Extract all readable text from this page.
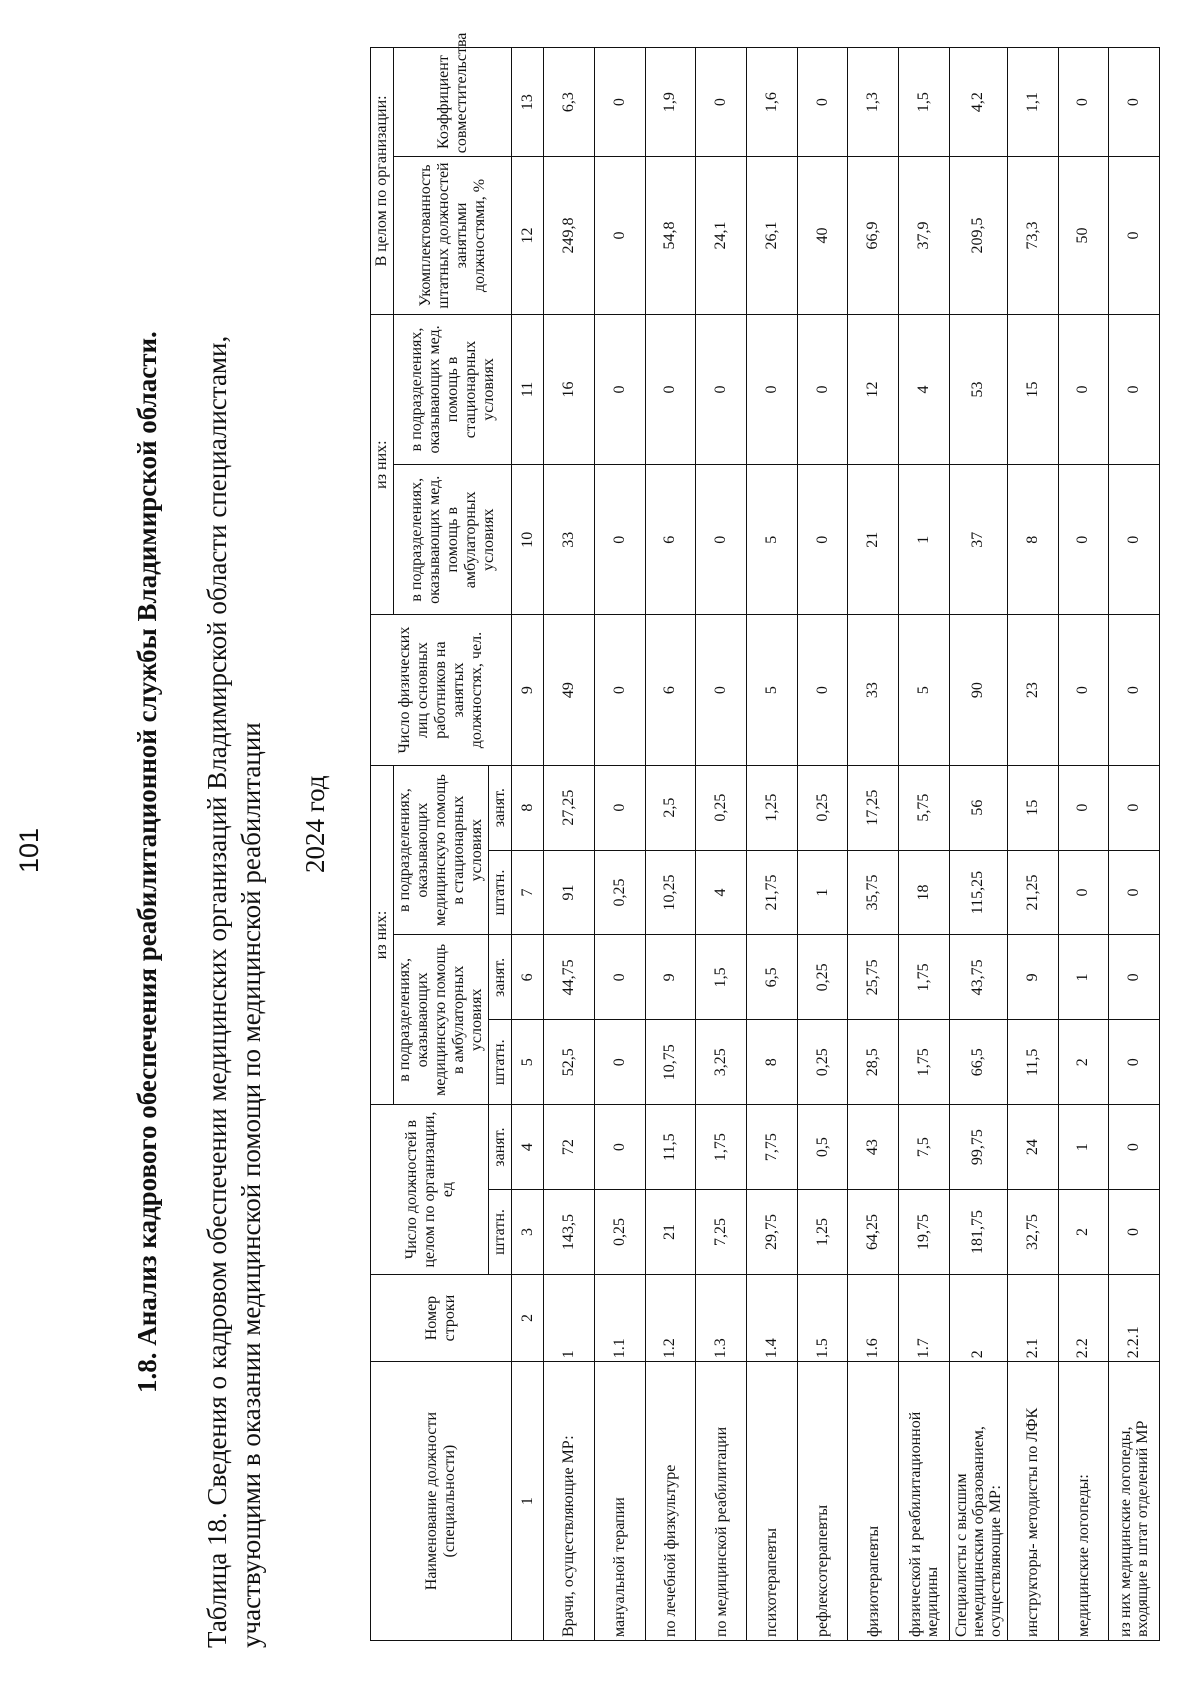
101	1.8. Анализ кадрового обеспечения реабилитационной службы Владимирской области. Таблица 18. Сведения о кадровом обеспечении медицинских организаций Владимирской области специалистами, участвующими в оказании медицинской помощи по медицинской реабилитации 2024 год
Наименование должности (специальности)	Номер строки	Число должностей в целом по организации, ед		из них:				Число физических лиц основных работников на занятых должностях, чел.	из них:		В целом по организации:	
				в подразделениях, оказывающих медицинскую помощь в амбулаторных условиях		в подразделениях, оказывающих медицинскую помощь в стационарных условиях			в подразделениях, оказывающих мед. помощь в амбулаторных условиях	в подразделениях, оказывающих мед. помощь в стационарных условиях	Укомплектованность штатных должностей занятыми должностями, %	Коэффициент совместительства
		штатн.	занят.	штатн.	занят.	штатн.	занят.					
1	2	3	4	5	6	7	8	9	10	11	12	13
Врачи, осуществляющие МР:	1	143,5	72	52,5	44,75	91	27,25	49	33	16	249,8	6,3
мануальной терапии	1.1	0,25	0	0	0	0,25	0	0	0	0	0	0
по лечебной физкультуре	1.2	21	11,5	10,75	9	10,25	2,5	6	6	0	54,8	1,9
по медицинской реабилитации	1.3	7,25	1,75	3,25	1,5	4	0,25	0	0	0	24,1	0
психотерапевты	1.4	29,75	7,75	8	6,5	21,75	1,25	5	5	0	26,1	1,6
рефлексотерапевты	1.5	1,25	0,5	0,25	0,25	1	0,25	0	0	0	40	0
физиотерапевты	1.6	64,25	43	28,5	25,75	35,75	17,25	33	21	12	66,9	1,3
физической и реабилитационной медицины	1.7	19,75	7,5	1,75	1,75	18	5,75	5	1	4	37,9	1,5
Специалисты с высшим немедицинским образованием, осуществляющие МР:	2	181,75	99,75	66,5	43,75	115,25	56	90	37	53	209,5	4,2
инструкторы- методисты по ЛФК	2.1	32,75	24	11,5	9	21,25	15	23	8	15	73,3	1,1
медицинские логопеды:	2.2	2	1	2	1	0	0	0	0	0	50	0
из них медицинские логопеды, входящие в штат отделений МР	2.2.1	0	0	0	0	0	0	0	0	0	0	0
